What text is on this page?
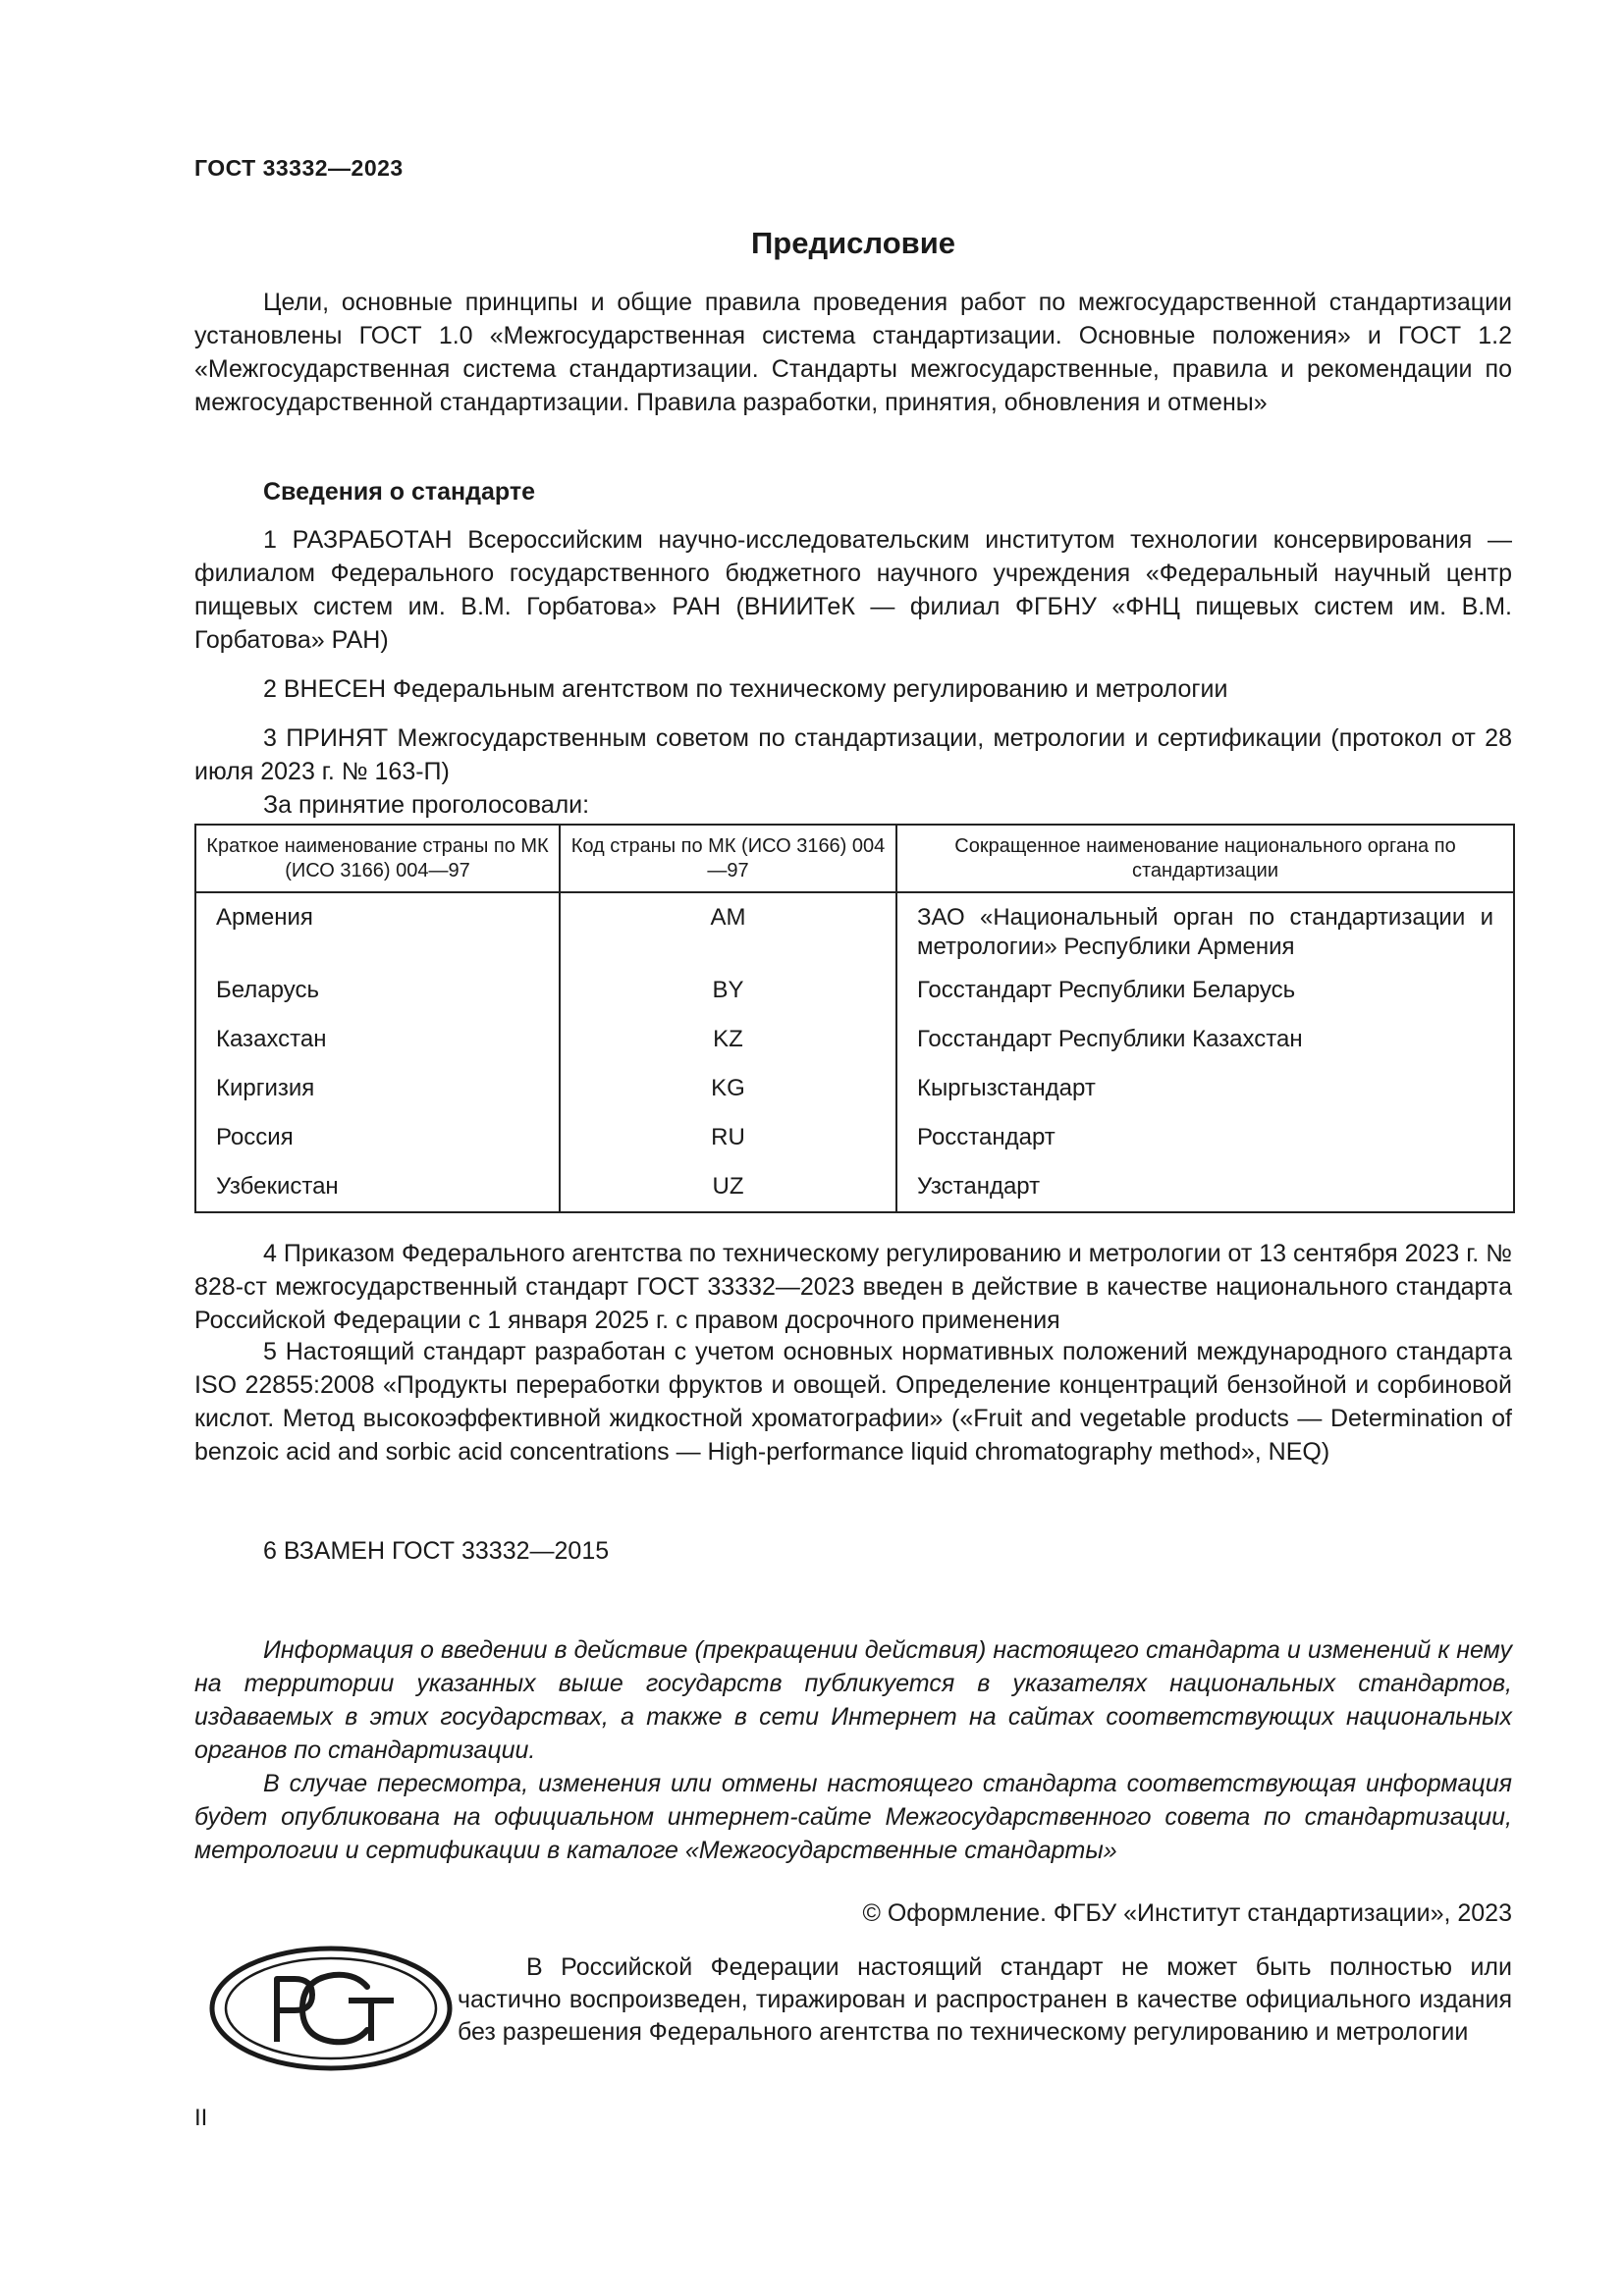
ГОСТ 33332—2023
Предисловие

Цели, основные принципы и общие правила проведения работ по межгосударственной стандартизации установлены ГОСТ 1.0 «Межгосударственная система стандартизации. Основные положения» и ГОСТ 1.2 «Межгосударственная система стандартизации. Стандарты межгосударственные, правила и рекомендации по межгосударственной стандартизации. Правила разработки, принятия, обновления и отмены»

Сведения о стандарте

1 РАЗРАБОТАН Всероссийским научно-исследовательским институтом технологии консервирования — филиалом Федерального государственного бюджетного научного учреждения «Федеральный научный центр пищевых систем им. В.М. Горбатова» РАН (ВНИИТеК — филиал ФГБНУ «ФНЦ пищевых систем им. В.М. Горбатова» РАН)

2 ВНЕСЕН Федеральным агентством по техническому регулированию и метрологии

3 ПРИНЯТ Межгосударственным советом по стандартизации, метрологии и сертификации (протокол от 28 июля 2023 г. № 163-П)

За принятие проголосовали:

Краткое наименование страны по МК (ИСО 3166) 004—97	Код страны по МК (ИСО 3166) 004—97	Сокращенное наименование национального органа по стандартизации
Армения	AM	ЗАО «Национальный орган по стандартизации и метрологии» Республики Армения
Беларусь	BY	Госстандарт Республики Беларусь
Казахстан	KZ	Госстандарт Республики Казахстан
Киргизия	KG	Кыргызстандарт
Россия	RU	Росстандарт
Узбекистан	UZ	Узстандарт

4 Приказом Федерального агентства по техническому регулированию и метрологии от 13 сентября 2023 г. № 828-ст межгосударственный стандарт ГОСТ 33332—2023 введен в действие в качестве национального стандарта Российской Федерации с 1 января 2025 г. с правом досрочного применения

5 Настоящий стандарт разработан с учетом основных нормативных положений международного стандарта ISO 22855:2008 «Продукты переработки фруктов и овощей. Определение концентраций бензойной и сорбиновой кислот. Метод высокоэффективной жидкостной хроматографии» («Fruit and vegetable products — Determination of benzoic acid and sorbic acid concentrations — High-performance liquid chromatography method», NEQ)

6 ВЗАМЕН ГОСТ 33332—2015

Информация о введении в действие (прекращении действия) настоящего стандарта и изменений к нему на территории указанных выше государств публикуется в указателях национальных стандартов, издаваемых в этих государствах, а также в сети Интернет на сайтах соответствующих национальных органов по стандартизации.

В случае пересмотра, изменения или отмены настоящего стандарта соответствующая информация будет опубликована на официальном интернет-сайте Межгосударственного совета по стандартизации, метрологии и сертификации в каталоге «Межгосударственные стандарты»

© Оформление. ФГБУ «Институт стандартизации», 2023

В Российской Федерации настоящий стандарт не может быть полностью или частично воспроизведен, тиражирован и распространен в качестве официального издания без разрешения Федерального агентства по техническому регулированию и метрологии

II
